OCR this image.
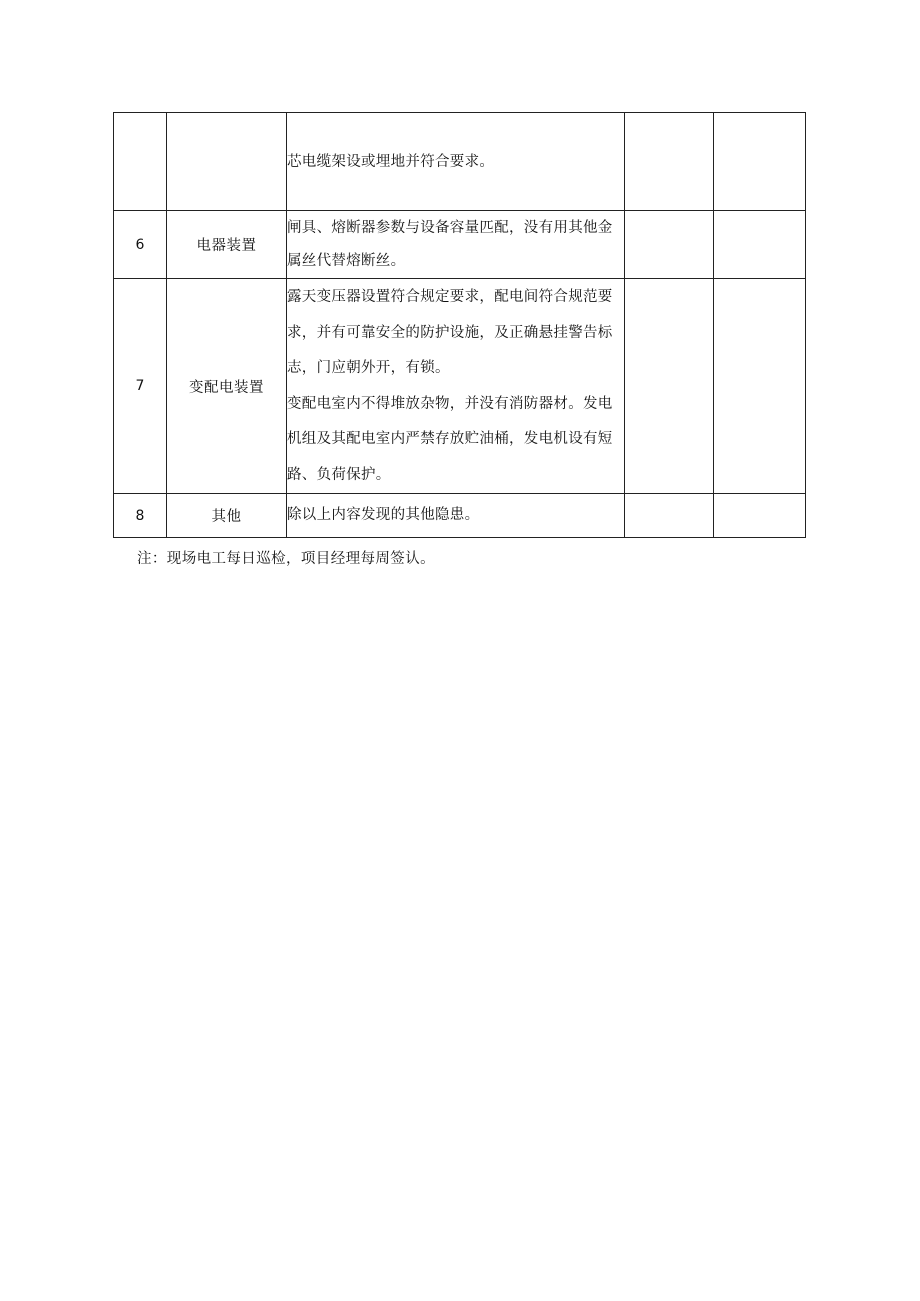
		芯电缆架设或埋地并符合要求。		

6	电器装置	闸具、熔断器参数与设备容量匹配，没有用其他金属丝代替熔断丝。		

7	变配电装置	露天变压器设置符合规定要求，配电间符合规范要求，并有可靠安全的防护设施，及正确悬挂警告标志，门应朝外开，有锁。
变配电室内不得堆放杂物，并没有消防器材。发电机组及其配电室内严禁存放贮油桶，发电机设有短路、负荷保护。		

8	其他	除以上内容发现的其他隐患。		

注：现场电工每日巡检，项目经理每周签认。
